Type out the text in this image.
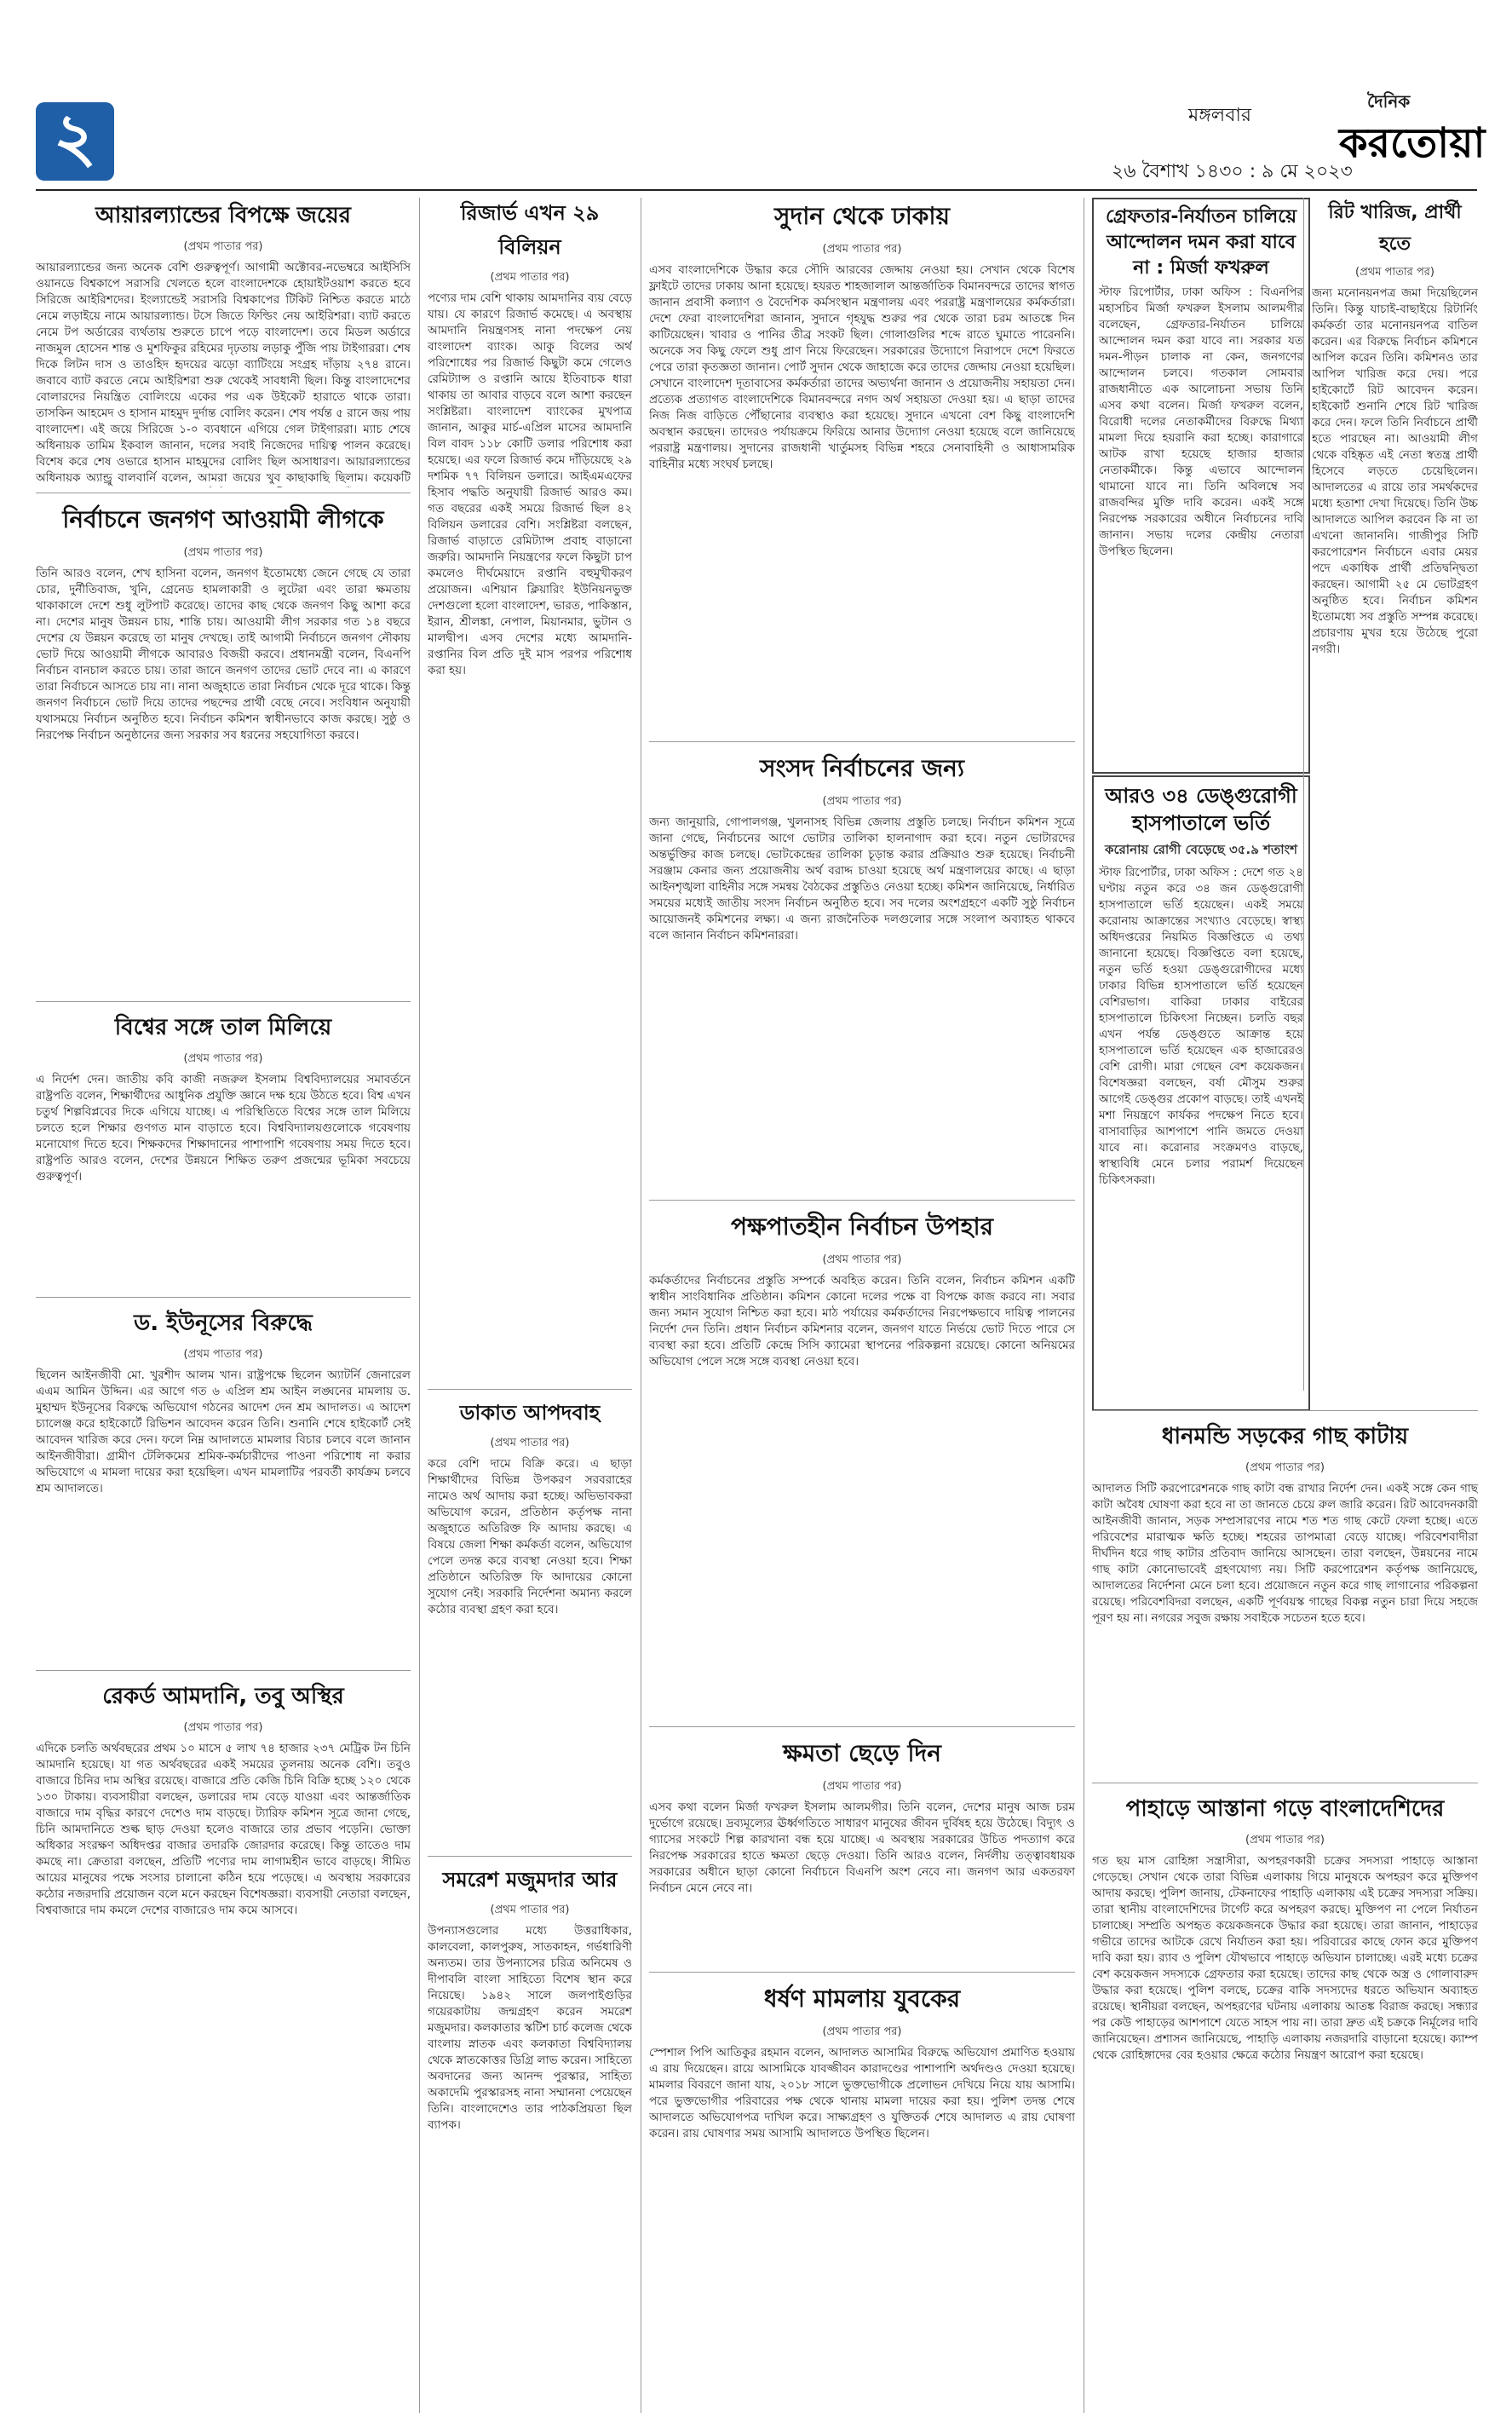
২	মঙ্গলবার
দৈনিক
করতোয়া
২৬ বৈশাখ ১৪৩০ : ৯ মে ২০২৩
আয়ারল্যান্ডের বিপক্ষে জয়ের
(প্রথম পাতার পর)
আয়ারল্যান্ডের জন্য অনেক বেশি গুরুত্বপূর্ণ। আগামী অক্টোবর-নভেম্বরে আইসিসি ওয়ানডে বিশ্বকাপে সরাসরি খেলতে হলে বাংলাদেশকে হোয়াইটওয়াশ করতে হবে সিরিজে আইরিশদের। ইংল্যান্ডেই সরাসরি বিশ্বকাপের টিকিট নিশ্চিত করতে মাঠে নেমে লড়াইয়ে নামে আয়ারল্যান্ড। টসে জিতে ফিল্ডিং নেয় আইরিশরা। ব্যাট করতে নেমে টপ অর্ডারের ব্যর্থতায় শুরুতে চাপে পড়ে বাংলাদেশ। তবে মিডল অর্ডারে নাজমুল হোসেন শান্ত ও মুশফিকুর রহিমের দৃঢ়তায় লড়াকু পুঁজি পায় টাইগাররা। শেষ দিকে লিটন দাস ও তাওহিদ হৃদয়ের ঝড়ো ব্যাটিংয়ে সংগ্রহ দাঁড়ায় ২৭৪ রানে। জবাবে ব্যাট করতে নেমে আইরিশরা শুরু থেকেই সাবধানী ছিল। কিন্তু বাংলাদেশের বোলারদের নিয়ন্ত্রিত বোলিংয়ে একের পর এক উইকেট হারাতে থাকে তারা। তাসকিন আহমেদ ও হাসান মাহমুদ দুর্দান্ত বোলিং করেন। শেষ পর্যন্ত ৫ রানে জয় পায় বাংলাদেশ। এই জয়ে সিরিজে ১-০ ব্যবধানে এগিয়ে গেল টাইগাররা। ম্যাচ শেষে অধিনায়ক তামিম ইকবাল জানান, দলের সবাই নিজেদের দায়িত্ব পালন করেছে। বিশেষ করে শেষ ওভারে হাসান মাহমুদের বোলিং ছিল অসাধারণ। আয়ারল্যান্ডের অধিনায়ক অ্যান্ড্রু বালবার্নি বলেন, আমরা জয়ের খুব কাছাকাছি ছিলাম। কয়েকটি
নির্বাচনে জনগণ আওয়ামী লীগকে
(প্রথম পাতার পর)
তিনি আরও বলেন, শেখ হাসিনা বলেন, জনগণ ইতোমধ্যে জেনে গেছে যে তারা চোর, দুর্নীতিবাজ, খুনি, গ্রেনেড হামলাকারী ও লুটেরা এবং তারা ক্ষমতায় থাকাকালে দেশে শুধু লুটপাট করেছে। তাদের কাছ থেকে জনগণ কিছু আশা করে না। দেশের মানুষ উন্নয়ন চায়, শান্তি চায়। আওয়ামী লীগ সরকার গত ১৪ বছরে দেশের যে উন্নয়ন করেছে তা মানুষ দেখছে। তাই আগামী নির্বাচনে জনগণ নৌকায় ভোট দিয়ে আওয়ামী লীগকে আবারও বিজয়ী করবে। প্রধানমন্ত্রী বলেন, বিএনপি নির্বাচন বানচাল করতে চায়। তারা জানে জনগণ তাদের ভোট দেবে না। এ কারণে তারা নির্বাচনে আসতে চায় না। নানা অজুহাতে তারা নির্বাচন থেকে দূরে থাকে। কিন্তু জনগণ নির্বাচনে ভোট দিয়ে তাদের পছন্দের প্রার্থী বেছে নেবে। সংবিধান অনুযায়ী যথাসময়ে নির্বাচন অনুষ্ঠিত হবে। নির্বাচন কমিশন স্বাধীনভাবে কাজ করছে। সুষ্ঠু ও নিরপেক্ষ নির্বাচন অনুষ্ঠানের জন্য সরকার সব ধরনের সহযোগিতা করবে।
বিশ্বের সঙ্গে তাল মিলিয়ে
(প্রথম পাতার পর)
এ নির্দেশ দেন। জাতীয় কবি কাজী নজরুল ইসলাম বিশ্ববিদ্যালয়ের সমাবর্তনে রাষ্ট্রপতি বলেন, শিক্ষার্থীদের আধুনিক প্রযুক্তি জ্ঞানে দক্ষ হয়ে উঠতে হবে। বিশ্ব এখন চতুর্থ শিল্পবিপ্লবের দিকে এগিয়ে যাচ্ছে। এ পরিস্থিতিতে বিশ্বের সঙ্গে তাল মিলিয়ে চলতে হলে শিক্ষার গুণগত মান বাড়াতে হবে। বিশ্ববিদ্যালয়গুলোকে গবেষণায় মনোযোগ দিতে হবে। শিক্ষকদের শিক্ষাদানের পাশাপাশি গবেষণায় সময় দিতে হবে। রাষ্ট্রপতি আরও বলেন, দেশের উন্নয়নে শিক্ষিত তরুণ প্রজন্মের ভূমিকা সবচেয়ে গুরুত্বপূর্ণ।
ড. ইউনূসের বিরুদ্ধে
(প্রথম পাতার পর)
ছিলেন আইনজীবী মো. খুরশীদ আলম খান। রাষ্ট্রপক্ষে ছিলেন অ্যাটর্নি জেনারেল এএম আমিন উদ্দিন। এর আগে গত ৬ এপ্রিল শ্রম আইন লঙ্ঘনের মামলায় ড. মুহাম্মদ ইউনূসের বিরুদ্ধে অভিযোগ গঠনের আদেশ দেন শ্রম আদালত। এ আদেশ চ্যালেঞ্জ করে হাইকোর্টে রিভিশন আবেদন করেন তিনি। শুনানি শেষে হাইকোর্ট সেই আবেদন খারিজ করে দেন। ফলে নিম্ন আদালতে মামলার বিচার চলবে বলে জানান আইনজীবীরা। গ্রামীণ টেলিকমের শ্রমিক-কর্মচারীদের পাওনা পরিশোধ না করার অভিযোগে এ মামলা দায়ের করা হয়েছিল। এখন মামলাটির পরবর্তী কার্যক্রম চলবে শ্রম আদালতে।
রেকর্ড আমদানি, তবু অস্থির
(প্রথম পাতার পর)
এদিকে চলতি অর্থবছরের প্রথম ১০ মাসে ৫ লাখ ৭৪ হাজার ২৩৭ মেট্রিক টন চিনি আমদানি হয়েছে। যা গত অর্থবছরের একই সময়ের তুলনায় অনেক বেশি। তবুও বাজারে চিনির দাম অস্থির রয়েছে। বাজারে প্রতি কেজি চিনি বিক্রি হচ্ছে ১২০ থেকে ১৩০ টাকায়। ব্যবসায়ীরা বলছেন, ডলারের দাম বেড়ে যাওয়া এবং আন্তর্জাতিক বাজারে দাম বৃদ্ধির কারণে দেশেও দাম বাড়ছে। ট্যারিফ কমিশন সূত্রে জানা গেছে, চিনি আমদানিতে শুল্ক ছাড় দেওয়া হলেও বাজারে তার প্রভাব পড়েনি। ভোক্তা অধিকার সংরক্ষণ অধিদপ্তর বাজার তদারকি জোরদার করেছে। কিন্তু তাতেও দাম কমছে না। ক্রেতারা বলছেন, প্রতিটি পণ্যের দাম লাগামহীন ভাবে বাড়ছে। সীমিত আয়ের মানুষের পক্ষে সংসার চালানো কঠিন হয়ে পড়েছে। এ অবস্থায় সরকারের কঠোর নজরদারি প্রয়োজন বলে মনে করছেন বিশেষজ্ঞরা। ব্যবসায়ী নেতারা বলছেন, বিশ্ববাজারে দাম কমলে দেশের বাজারেও দাম কমে আসবে।
রিজার্ভ এখন ২৯ বিলিয়ন
(প্রথম পাতার পর)
পণ্যের দাম বেশি থাকায় আমদানির ব্যয় বেড়ে যায়। যে কারণে রিজার্ভ কমেছে। এ অবস্থায় আমদানি নিয়ন্ত্রণসহ নানা পদক্ষেপ নেয় বাংলাদেশ ব্যাংক। আকু বিলের অর্থ পরিশোধের পর রিজার্ভ কিছুটা কমে গেলেও রেমিট্যান্স ও রপ্তানি আয়ে ইতিবাচক ধারা থাকায় তা আবার বাড়বে বলে আশা করছেন সংশ্লিষ্টরা। বাংলাদেশ ব্যাংকের মুখপাত্র জানান, আকুর মার্চ-এপ্রিল মাসের আমদানি বিল বাবদ ১১৮ কোটি ডলার পরিশোধ করা হয়েছে। এর ফলে রিজার্ভ কমে দাঁড়িয়েছে ২৯ দশমিক ৭৭ বিলিয়ন ডলারে। আইএমএফের হিসাব পদ্ধতি অনুযায়ী রিজার্ভ আরও কম। গত বছরের একই সময়ে রিজার্ভ ছিল ৪২ বিলিয়ন ডলারের বেশি। সংশ্লিষ্টরা বলছেন, রিজার্ভ বাড়াতে রেমিট্যান্স প্রবাহ বাড়ানো জরুরি। আমদানি নিয়ন্ত্রণের ফলে কিছুটা চাপ কমলেও দীর্ঘমেয়াদে রপ্তানি বহুমুখীকরণ প্রয়োজন। এশিয়ান ক্লিয়ারিং ইউনিয়নভুক্ত দেশগুলো হলো বাংলাদেশ, ভারত, পাকিস্তান, ইরান, শ্রীলঙ্কা, নেপাল, মিয়ানমার, ভুটান ও মালদ্বীপ। এসব দেশের মধ্যে আমদানি-রপ্তানির বিল প্রতি দুই মাস পরপর পরিশোধ করা হয়।
ডাকাত আপদবাহ
(প্রথম পাতার পর)
করে বেশি দামে বিক্রি করে। এ ছাড়া শিক্ষার্থীদের বিভিন্ন উপকরণ সরবরাহের নামেও অর্থ আদায় করা হচ্ছে। অভিভাবকরা অভিযোগ করেন, প্রতিষ্ঠান কর্তৃপক্ষ নানা অজুহাতে অতিরিক্ত ফি আদায় করছে। এ বিষয়ে জেলা শিক্ষা কর্মকর্তা বলেন, অভিযোগ পেলে তদন্ত করে ব্যবস্থা নেওয়া হবে। শিক্ষা প্রতিষ্ঠানে অতিরিক্ত ফি আদায়ের কোনো সুযোগ নেই। সরকারি নির্দেশনা অমান্য করলে কঠোর ব্যবস্থা গ্রহণ করা হবে।
সমরেশ মজুমদার আর
(প্রথম পাতার পর)
উপন্যাসগুলোর মধ্যে উত্তরাধিকার, কালবেলা, কালপুরুষ, সাতকাহন, গর্ভধারিণী অন্যতম। তার উপন্যাসের চরিত্র অনিমেষ ও দীপাবলি বাংলা সাহিত্যে বিশেষ স্থান করে নিয়েছে। ১৯৪২ সালে জলপাইগুড়ির গয়েরকাটায় জন্মগ্রহণ করেন সমরেশ মজুমদার। কলকাতার স্কটিশ চার্চ কলেজ থেকে বাংলায় স্নাতক এবং কলকাতা বিশ্ববিদ্যালয় থেকে স্নাতকোত্তর ডিগ্রি লাভ করেন। সাহিত্যে অবদানের জন্য আনন্দ পুরস্কার, সাহিত্য অকাদেমি পুরস্কারসহ নানা সম্মাননা পেয়েছেন তিনি। বাংলাদেশেও তার পাঠকপ্রিয়তা ছিল ব্যাপক।
সুদান থেকে ঢাকায়
(প্রথম পাতার পর)
এসব বাংলাদেশিকে উদ্ধার করে সৌদি আরবের জেদ্দায় নেওয়া হয়। সেখান থেকে বিশেষ ফ্লাইটে তাদের ঢাকায় আনা হয়েছে। হযরত শাহজালাল আন্তর্জাতিক বিমানবন্দরে তাদের স্বাগত জানান প্রবাসী কল্যাণ ও বৈদেশিক কর্মসংস্থান মন্ত্রণালয় এবং পররাষ্ট্র মন্ত্রণালয়ের কর্মকর্তারা। দেশে ফেরা বাংলাদেশিরা জানান, সুদানে গৃহযুদ্ধ শুরুর পর থেকে তারা চরম আতঙ্কে দিন কাটিয়েছেন। খাবার ও পানির তীব্র সংকট ছিল। গোলাগুলির শব্দে রাতে ঘুমাতে পারেননি। অনেকে সব কিছু ফেলে শুধু প্রাণ নিয়ে ফিরেছেন। সরকারের উদ্যোগে নিরাপদে দেশে ফিরতে পেরে তারা কৃতজ্ঞতা জানান। পোর্ট সুদান থেকে জাহাজে করে তাদের জেদ্দায় নেওয়া হয়েছিল। সেখানে বাংলাদেশ দূতাবাসের কর্মকর্তারা তাদের অভ্যর্থনা জানান ও প্রয়োজনীয় সহায়তা দেন। প্রত্যেক প্রত্যাগত বাংলাদেশিকে বিমানবন্দরে নগদ অর্থ সহায়তা দেওয়া হয়। এ ছাড়া তাদের নিজ নিজ বাড়িতে পৌঁছানোর ব্যবস্থাও করা হয়েছে। সুদানে এখনো বেশ কিছু বাংলাদেশি অবস্থান করছেন। তাদেরও পর্যায়ক্রমে ফিরিয়ে আনার উদ্যোগ নেওয়া হয়েছে বলে জানিয়েছে পররাষ্ট্র মন্ত্রণালয়। সুদানের রাজধানী খার্তুমসহ বিভিন্ন শহরে সেনাবাহিনী ও আধাসামরিক বাহিনীর মধ্যে সংঘর্ষ চলছে।
সংসদ নির্বাচনের জন্য
(প্রথম পাতার পর)
জন্য জানুয়ারি, গোপালগঞ্জ, খুলনাসহ বিভিন্ন জেলায় প্রস্তুতি চলছে। নির্বাচন কমিশন সূত্রে জানা গেছে, নির্বাচনের আগে ভোটার তালিকা হালনাগাদ করা হবে। নতুন ভোটারদের অন্তর্ভুক্তির কাজ চলছে। ভোটকেন্দ্রের তালিকা চূড়ান্ত করার প্রক্রিয়াও শুরু হয়েছে। নির্বাচনী সরঞ্জাম কেনার জন্য প্রয়োজনীয় অর্থ বরাদ্দ চাওয়া হয়েছে অর্থ মন্ত্রণালয়ের কাছে। এ ছাড়া আইনশৃঙ্খলা বাহিনীর সঙ্গে সমন্বয় বৈঠকের প্রস্তুতিও নেওয়া হচ্ছে। কমিশন জানিয়েছে, নির্ধারিত সময়ের মধ্যেই জাতীয় সংসদ নির্বাচন অনুষ্ঠিত হবে। সব দলের অংশগ্রহণে একটি সুষ্ঠু নির্বাচন আয়োজনই কমিশনের লক্ষ্য। এ জন্য রাজনৈতিক দলগুলোর সঙ্গে সংলাপ অব্যাহত থাকবে বলে জানান নির্বাচন কমিশনাররা।
পক্ষপাতহীন নির্বাচন উপহার
(প্রথম পাতার পর)
কর্মকর্তাদের নির্বাচনের প্রস্তুতি সম্পর্কে অবহিত করেন। তিনি বলেন, নির্বাচন কমিশন একটি স্বাধীন সাংবিধানিক প্রতিষ্ঠান। কমিশন কোনো দলের পক্ষে বা বিপক্ষে কাজ করবে না। সবার জন্য সমান সুযোগ নিশ্চিত করা হবে। মাঠ পর্যায়ের কর্মকর্তাদের নিরপেক্ষভাবে দায়িত্ব পালনের নির্দেশ দেন তিনি। প্রধান নির্বাচন কমিশনার বলেন, জনগণ যাতে নির্ভয়ে ভোট দিতে পারে সে ব্যবস্থা করা হবে। প্রতিটি কেন্দ্রে সিসি ক্যামেরা স্থাপনের পরিকল্পনা রয়েছে। কোনো অনিয়মের অভিযোগ পেলে সঙ্গে সঙ্গে ব্যবস্থা নেওয়া হবে।
ক্ষমতা ছেড়ে দিন
(প্রথম পাতার পর)
এসব কথা বলেন মির্জা ফখরুল ইসলাম আলমগীর। তিনি বলেন, দেশের মানুষ আজ চরম দুর্ভোগে রয়েছে। দ্রব্যমূল্যের ঊর্ধ্বগতিতে সাধারণ মানুষের জীবন দুর্বিষহ হয়ে উঠেছে। বিদ্যুৎ ও গ্যাসের সংকটে শিল্প কারখানা বন্ধ হয়ে যাচ্ছে। এ অবস্থায় সরকারের উচিত পদত্যাগ করে নিরপেক্ষ সরকারের হাতে ক্ষমতা ছেড়ে দেওয়া। তিনি আরও বলেন, নির্দলীয় তত্ত্বাবধায়ক সরকারের অধীনে ছাড়া কোনো নির্বাচনে বিএনপি অংশ নেবে না। জনগণ আর একতরফা নির্বাচন মেনে নেবে না।
ধর্ষণ মামলায় যুবকের
(প্রথম পাতার পর)
স্পেশাল পিপি আতিকুর রহমান বলেন, আদালত আসামির বিরুদ্ধে অভিযোগ প্রমাণিত হওয়ায় এ রায় দিয়েছেন। রায়ে আসামিকে যাবজ্জীবন কারাদণ্ডের পাশাপাশি অর্থদণ্ডও দেওয়া হয়েছে। মামলার বিবরণে জানা যায়, ২০১৮ সালে ভুক্তভোগীকে প্রলোভন দেখিয়ে নিয়ে যায় আসামি। পরে ভুক্তভোগীর পরিবারের পক্ষ থেকে থানায় মামলা দায়ের করা হয়। পুলিশ তদন্ত শেষে আদালতে অভিযোগপত্র দাখিল করে। সাক্ষ্যগ্রহণ ও যুক্তিতর্ক শেষে আদালত এ রায় ঘোষণা করেন। রায় ঘোষণার সময় আসামি আদালতে উপস্থিত ছিলেন।
গ্রেফতার-নির্যাতন চালিয়ে আন্দোলন দমন করা যাবে না : মির্জা ফখরুল
স্টাফ রিপোর্টার, ঢাকা অফিস : বিএনপির মহাসচিব মির্জা ফখরুল ইসলাম আলমগীর বলেছেন, গ্রেফতার-নির্যাতন চালিয়ে আন্দোলন দমন করা যাবে না। সরকার যত দমন-পীড়ন চালাক না কেন, জনগণের আন্দোলন চলবে। গতকাল সোমবার রাজধানীতে এক আলোচনা সভায় তিনি এসব কথা বলেন। মির্জা ফখরুল বলেন, বিরোধী দলের নেতাকর্মীদের বিরুদ্ধে মিথ্যা মামলা দিয়ে হয়রানি করা হচ্ছে। কারাগারে আটক রাখা হয়েছে হাজার হাজার নেতাকর্মীকে। কিন্তু এভাবে আন্দোলন থামানো যাবে না। তিনি অবিলম্বে সব রাজবন্দির মুক্তি দাবি করেন। একই সঙ্গে নিরপেক্ষ সরকারের অধীনে নির্বাচনের দাবি জানান। সভায় দলের কেন্দ্রীয় নেতারা উপস্থিত ছিলেন।
আরও ৩৪ ডেঙ্গুরোগী হাসপাতালে ভর্তি
করোনায় রোগী বেড়েছে ৩৫.৯ শতাংশ
স্টাফ রিপোর্টার, ঢাকা অফিস : দেশে গত ২৪ ঘণ্টায় নতুন করে ৩৪ জন ডেঙ্গুরোগী হাসপাতালে ভর্তি হয়েছেন। একই সময়ে করোনায় আক্রান্তের সংখ্যাও বেড়েছে। স্বাস্থ্য অধিদপ্তরের নিয়মিত বিজ্ঞপ্তিতে এ তথ্য জানানো হয়েছে। বিজ্ঞপ্তিতে বলা হয়েছে, নতুন ভর্তি হওয়া ডেঙ্গুরোগীদের মধ্যে ঢাকার বিভিন্ন হাসপাতালে ভর্তি হয়েছেন বেশিরভাগ। বাকিরা ঢাকার বাইরের হাসপাতালে চিকিৎসা নিচ্ছেন। চলতি বছর এখন পর্যন্ত ডেঙ্গুতে আক্রান্ত হয়ে হাসপাতালে ভর্তি হয়েছেন এক হাজারেরও বেশি রোগী। মারা গেছেন বেশ কয়েকজন। বিশেষজ্ঞরা বলছেন, বর্ষা মৌসুম শুরুর আগেই ডেঙ্গুর প্রকোপ বাড়ছে। তাই এখনই মশা নিয়ন্ত্রণে কার্যকর পদক্ষেপ নিতে হবে। বাসাবাড়ির আশপাশে পানি জমতে দেওয়া যাবে না। করোনার সংক্রমণও বাড়ছে, স্বাস্থ্যবিধি মেনে চলার পরামর্শ দিয়েছেন চিকিৎসকরা।
রিট খারিজ, প্রার্থী হতে
(প্রথম পাতার পর)
জন্য মনোনয়নপত্র জমা দিয়েছিলেন তিনি। কিন্তু যাচাই-বাছাইয়ে রিটার্নিং কর্মকর্তা তার মনোনয়নপত্র বাতিল করেন। এর বিরুদ্ধে নির্বাচন কমিশনে আপিল করেন তিনি। কমিশনও তার আপিল খারিজ করে দেয়। পরে হাইকোর্টে রিট আবেদন করেন। হাইকোর্ট শুনানি শেষে রিট খারিজ করে দেন। ফলে তিনি নির্বাচনে প্রার্থী হতে পারছেন না। আওয়ামী লীগ থেকে বহিষ্কৃত এই নেতা স্বতন্ত্র প্রার্থী হিসেবে লড়তে চেয়েছিলেন। আদালতের এ রায়ে তার সমর্থকদের মধ্যে হতাশা দেখা দিয়েছে। তিনি উচ্চ আদালতে আপিল করবেন কি না তা এখনো জানাননি। গাজীপুর সিটি করপোরেশন নির্বাচনে এবার মেয়র পদে একাধিক প্রার্থী প্রতিদ্বন্দ্বিতা করছেন। আগামী ২৫ মে ভোটগ্রহণ অনুষ্ঠিত হবে। নির্বাচন কমিশন ইতোমধ্যে সব প্রস্তুতি সম্পন্ন করেছে। প্রচারণায় মুখর হয়ে উঠেছে পুরো নগরী।
ধানমন্ডি সড়কের গাছ কাটায়
(প্রথম পাতার পর)
আদালত সিটি করপোরেশনকে গাছ কাটা বন্ধ রাখার নির্দেশ দেন। একই সঙ্গে কেন গাছ কাটা অবৈধ ঘোষণা করা হবে না তা জানতে চেয়ে রুল জারি করেন। রিট আবেদনকারী আইনজীবী জানান, সড়ক সম্প্রসারণের নামে শত শত গাছ কেটে ফেলা হচ্ছে। এতে পরিবেশের মারাত্মক ক্ষতি হচ্ছে। শহরের তাপমাত্রা বেড়ে যাচ্ছে। পরিবেশবাদীরা দীর্ঘদিন ধরে গাছ কাটার প্রতিবাদ জানিয়ে আসছেন। তারা বলছেন, উন্নয়নের নামে গাছ কাটা কোনোভাবেই গ্রহণযোগ্য নয়। সিটি করপোরেশন কর্তৃপক্ষ জানিয়েছে, আদালতের নির্দেশনা মেনে চলা হবে। প্রয়োজনে নতুন করে গাছ লাগানোর পরিকল্পনা রয়েছে। পরিবেশবিদরা বলছেন, একটি পূর্ণবয়স্ক গাছের বিকল্প নতুন চারা দিয়ে সহজে পূরণ হয় না। নগরের সবুজ রক্ষায় সবাইকে সচেতন হতে হবে।
পাহাড়ে আস্তানা গড়ে বাংলাদেশিদের
(প্রথম পাতার পর)
গত ছয় মাস রোহিঙ্গা সন্ত্রাসীরা, অপহরণকারী চক্রের সদস্যরা পাহাড়ে আস্তানা গেড়েছে। সেখান থেকে তারা বিভিন্ন এলাকায় গিয়ে মানুষকে অপহরণ করে মুক্তিপণ আদায় করছে। পুলিশ জানায়, টেকনাফের পাহাড়ি এলাকায় এই চক্রের সদস্যরা সক্রিয়। তারা স্থানীয় বাংলাদেশিদের টার্গেট করে অপহরণ করছে। মুক্তিপণ না পেলে নির্যাতন চালাচ্ছে। সম্প্রতি অপহৃত কয়েকজনকে উদ্ধার করা হয়েছে। তারা জানান, পাহাড়ের গভীরে তাদের আটকে রেখে নির্যাতন করা হয়। পরিবারের কাছে ফোন করে মুক্তিপণ দাবি করা হয়। র‌্যাব ও পুলিশ যৌথভাবে পাহাড়ে অভিযান চালাচ্ছে। এরই মধ্যে চক্রের বেশ কয়েকজন সদস্যকে গ্রেফতার করা হয়েছে। তাদের কাছ থেকে অস্ত্র ও গোলাবারুদ উদ্ধার করা হয়েছে। পুলিশ বলছে, চক্রের বাকি সদস্যদের ধরতে অভিযান অব্যাহত রয়েছে। স্থানীয়রা বলছেন, অপহরণের ঘটনায় এলাকায় আতঙ্ক বিরাজ করছে। সন্ধ্যার পর কেউ পাহাড়ের আশপাশে যেতে সাহস পায় না। তারা দ্রুত এই চক্রকে নির্মূলের দাবি জানিয়েছেন। প্রশাসন জানিয়েছে, পাহাড়ি এলাকায় নজরদারি বাড়ানো হয়েছে। ক্যাম্প থেকে রোহিঙ্গাদের বের হওয়ার ক্ষেত্রে কঠোর নিয়ন্ত্রণ আরোপ করা হয়েছে।
